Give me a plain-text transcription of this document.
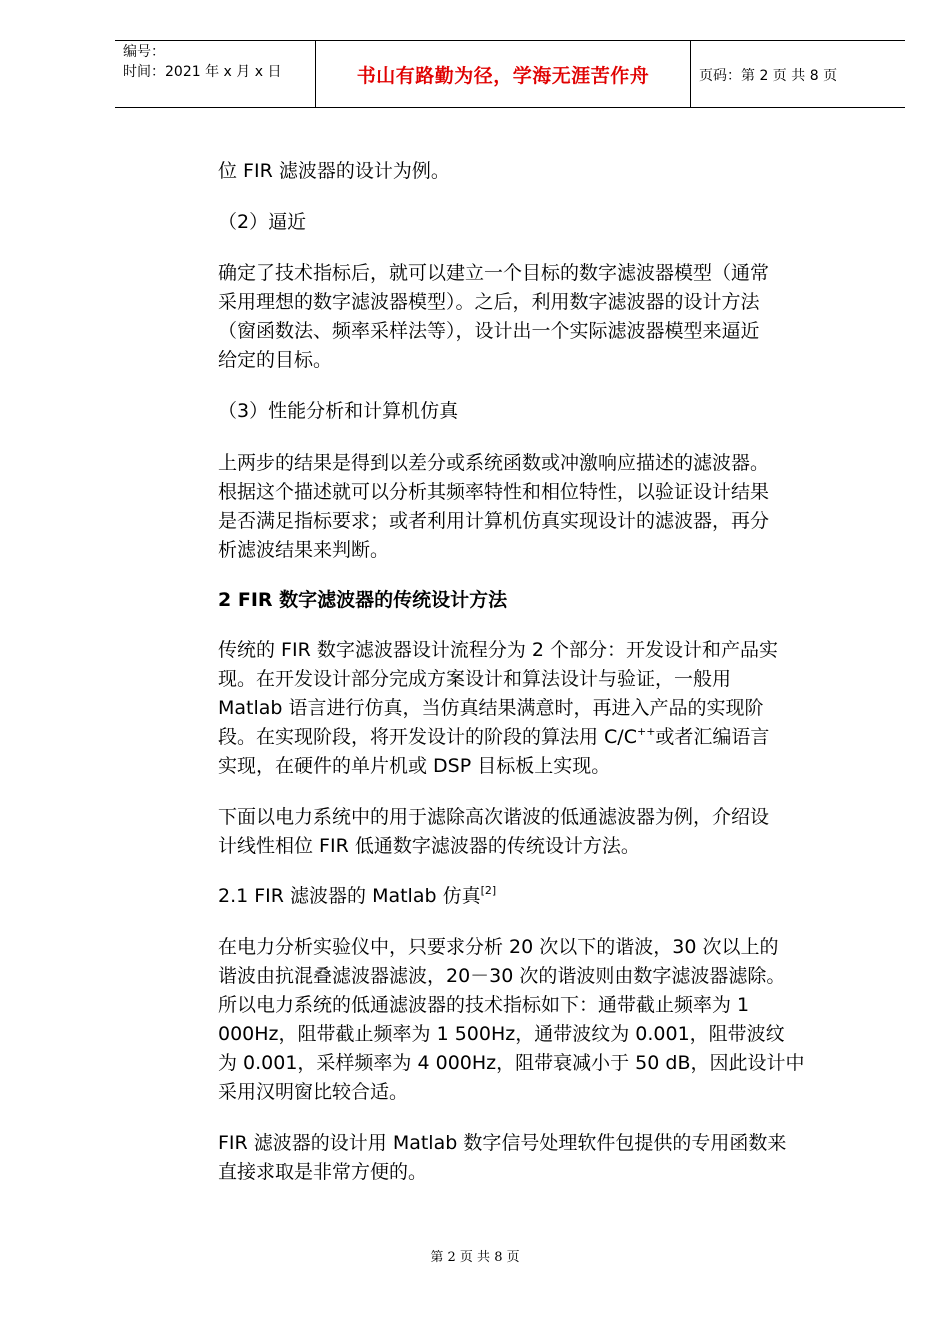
编号：
时间：2021 年 x 月 x 日	书山有路勤为径，学海无涯苦作舟	页码：第 2 页 共 8 页
位 FIR 滤波器的设计为例。
（2）逼近
确定了技术指标后，就可以建立一个目标的数字滤波器模型（通常
采用理想的数字滤波器模型）。之后，利用数字滤波器的设计方法
（窗函数法、频率采样法等），设计出一个实际滤波器模型来逼近
给定的目标。
（3）性能分析和计算机仿真
上两步的结果是得到以差分或系统函数或冲激响应描述的滤波器。
根据这个描述就可以分析其频率特性和相位特性，以验证设计结果
是否满足指标要求；或者利用计算机仿真实现设计的滤波器，再分
析滤波结果来判断。
2 FIR 数字滤波器的传统设计方法
传统的 FIR 数字滤波器设计流程分为 2 个部分：开发设计和产品实
现。在开发设计部分完成方案设计和算法设计与验证，一般用
Matlab 语言进行仿真，当仿真结果满意时，再进入产品的实现阶
段。在实现阶段，将开发设计的阶段的算法用 C/C++或者汇编语言
实现，在硬件的单片机或 DSP 目标板上实现。
下面以电力系统中的用于滤除高次谐波的低通滤波器为例，介绍设
计线性相位 FIR 低通数字滤波器的传统设计方法。
2.1 FIR 滤波器的 Matlab 仿真[2]
在电力分析实验仪中，只要求分析 20 次以下的谐波，30 次以上的
谐波由抗混叠滤波器滤波，20－30 次的谐波则由数字滤波器滤除。
所以电力系统的低通滤波器的技术指标如下：通带截止频率为 1
000Hz，阻带截止频率为 1 500Hz，通带波纹为 0.001，阻带波纹
为 0.001，采样频率为 4 000Hz，阻带衰减小于 50 dB，因此设计中
采用汉明窗比较合适。
FIR 滤波器的设计用 Matlab 数字信号处理软件包提供的专用函数来
直接求取是非常方便的。
第 2 页 共 8 页
